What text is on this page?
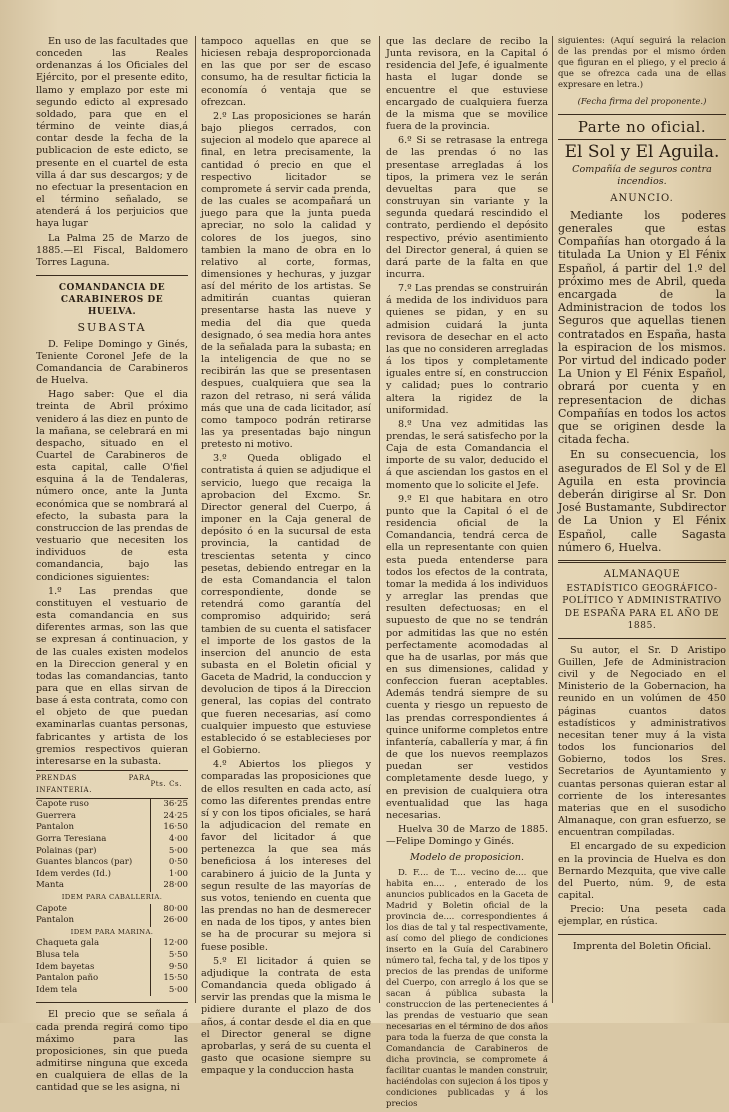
En uso de las facultades que conceden las Reales ordenanzas á los Oficiales del Ejército, por el presente edito, llamo y emplazo por este mi segundo edicto al expresado soldado, para que en el término de veinte dias,á contar desde la fecha de la publicacion de este edicto, se presente en el cuartel de esta villa á dar sus descargos; y de no efectuar la presentacion en el término señalado, se atenderá á los perjuicios que haya lugar

La Palma 25 de Marzo de 1885.—El Fiscal, Baldomero Torres Laguna.

COMANDANCIA DE CARABINEROS DE HUELVA.

SUBASTA

D. Felipe Domingo y Ginés, Teniente Coronel Jefe de la Comandancia de Carabineros de Huelva.

Hago saber: Que el dia treinta de Abril próximo venidero á las diez en punto de la mañana, se celebrará en mi despacho, situado en el Cuartel de Carabineros de esta capital, calle O'fiel esquina á la de Tendaleras, número once, ante la Junta económica que se nombrará al efecto, la subasta para la construccion de las prendas de vestuario que necesiten los individuos de esta comandancia, bajo las condiciones siguientes:

1.º Las prendas que constituyen el vestuario de esta comandancia en sus diferentes armas, son las que se expresan á continuacion, y de las cuales existen modelos en la Direccion general y en todas las comandancias, tanto para que en ellas sirvan de base á esta contrata, como con el objeto de que puedan examinarlas cuantas personas, fabricantes y artista de los gremios respectivos quieran interesarse en la subasta.

PRENDAS PARA INFANTERIA.	Pts. Cs.
Capote ruso	36·25
Guerrera	24·25
Pantalon	16·50
Gorra Teresiana	4·00
Polainas (par)	5·00
Guantes blancos (par)	0·50
Idem verdes (Id.)	1·00
Manta	28·00
IDEM PARA CABALLERIA.	
Capote	80·00
Pantalon	26·00
IDEM PARA MARINA.	
Chaqueta gala	12·00
Blusa tela	5·50
Idem bayetas	9·50
Pantalon paño	15·50
Idem tela	5·00

El precio que se señala á cada prenda regirá como tipo máximo para las proposiciones, sin que pueda admitirse ninguna que exceda en cualquiera de ellas de la cantidad que se les asigna, ni

tampoco aquellas en que se hiciesen rebaja desproporcionada en las que por ser de escaso consumo, ha de resultar ficticia la economía ó ventaja que se ofrezcan.

2.º Las proposiciones se harán bajo pliegos cerrados, con sujecion al modelo que aparece al final, en letra precisamente, la cantidad ó precio en que el respectivo licitador se compromete á servir cada prenda, de las cuales se acompañará un juego para que la junta pueda apreciar, no solo la calidad y colores de los juegos, sino tambien la mano de obra en lo relativo al corte, formas, dimensiones y hechuras, y juzgar así del mérito de los artistas. Se admitirán cuantas quieran presentarse hasta las nueve y media del dia que queda designado, ó sea media hora antes de la señalada para la subasta; en la inteligencia de que no se recibirán las que se presentasen despues, cualquiera que sea la razon del retraso, ni será válida más que una de cada licitador, así como tampoco podrán retirarse las ya presentadas bajo ningun pretesto ni motivo.

3.º Queda obligado el contratista á quien se adjudique el servicio, luego que recaiga la aprobacion del Excmo. Sr. Director general del Cuerpo, á imponer en la Caja general de depósito ó en la sucursal de esta provincia, la cantidad de trescientas setenta y cinco pesetas, debiendo entregar en la de esta Comandancia el talon correspondiente, donde se retendrá como garantía del compromiso adquirido; será tambien de su cuenta el satisfacer el importe de los gastos de la insercion del anuncio de esta subasta en el Boletin oficial y Gaceta de Madrid, la conduccion y devolucion de tipos á la Direccion general, las copias del contrato que fueren necesarias, así como cualquier impuesto que estuviese establecido ó se establecieses por el Gobierno.

4.º Abiertos los pliegos y comparadas las proposiciones que de ellos resulten en cada acto, así como las diferentes prendas entre sí y con los tipos oficiales, se hará la adjudicacion del remate en favor del licitador á que pertenezca la que sea más beneficiosa á los intereses del carabinero á juicio de la Junta y segun resulte de las mayorías de sus votos, teniendo en cuenta que las prendas no han de desmerecer en nada de los tipos, y antes bien se ha de procurar su mejora si fuese posible.

5.º El licitador á quien se adjudique la contrata de esta Comandancia queda obligado á servir las prendas que la misma le pidiere durante el plazo de dos años, á contar desde el dia en que el Director general se digne aprobarlas, y será de su cuenta el gasto que ocasione siempre su empaque y la conduccion hasta

que las declare de recibo la Junta revisora, en la Capital ó residencia del Jefe, é igualmente hasta el lugar donde se encuentre el que estuviese encargado de cualquiera fuerza de la misma que se movilice fuera de la provincia.

6.º Si se retrasase la entrega de las prendas ó no las presentase arregladas á los tipos, la primera vez le serán devueltas para que se construyan sin variante y la segunda quedará rescindido el contrato, perdiendo el depósito respectivo, prévio asentimiento del Director general, á quien se dará parte de la falta en que incurra.

7.º Las prendas se construirán á medida de los individuos para quienes se pidan, y en su admision cuidará la junta revisora de desechar en el acto las que no consideren arregladas á los tipos y completamente iguales entre sí, en construccion y calidad; pues lo contrario altera la rigidez de la uniformidad.

8.º Una vez admitidas las prendas, le será satisfecho por la Caja de esta Comandancia el importe de su valor, deducido el á que asciendan los gastos en el momento que lo solicite el Jefe.

9.º El que habitara en otro punto que la Capital ó el de residencia oficial de la Comandancia, tendrá cerca de ella un representante con quien esta pueda entenderse para todos los efectos de la contrata, tomar la medida á los individuos y arreglar las prendas que resulten defectuosas; en el supuesto de que no se tendrán por admitidas las que no estén perfectamente acomodadas al que ha de usarlas, por más que en sus dimensiones, calidad y confeccion fueran aceptables. Además tendrá siempre de su cuenta y riesgo un repuesto de las prendas correspondientes á quince uniforme completos entre infantería, caballería y mar, á fin de que los nuevos reemplazos puedan ser vestidos completamente desde luego, y en prevision de cualquiera otra eventualidad que las haga necesarias.

Huelva 30 de Marzo de 1885.—Felipe Domingo y Ginés.

Modelo de proposicion.

D. F.... de T.... vecino de.... que habita en.... , enterado de los anuncios publicados en la Gaceta de Madrid y Boletin oficial de la provincia de.... correspondientes á los dias de tal y tal respectivamente, así como del pliego de condiciones inserto en la Guía del Carabinero número tal, fecha tal, y de los tipos y precios de las prendas de uniforme del Cuerpo, con arreglo á los que se sacan á pública subasta la construccion de las pertenecientes á las prendas de vestuario que sean necesarias en el término de dos años para toda la fuerza de que consta la Comandancia de Carabineros de dicha provincia, se compromete á facilitar cuantas le manden construir, haciéndolas con sujecion á los tipos y condiciones publicadas y á los precios

siguientes: (Aquí seguirá la relacion de las prendas por el mismo órden que figuran en el pliego, y el precio á que se ofrezca cada una de ellas expresare en letra.)

(Fecha firma del proponente.)

Parte no oficial.

El Sol y El Aguila.

Compañía de seguros contra incendios.

ANUNCIO.

Mediante los poderes generales que estas Compañías han otorgado á la titulada La Union y El Fénix Español, á partir del 1.º del próximo mes de Abril, queda encargada de la Administracion de todos los Seguros que aquellas tienen contratados en España, hasta la espiracion de los mismos. Por virtud del indicado poder La Union y El Fénix Español, obrará por cuenta y en representacion de dichas Compañías en todos los actos que se originen desde la citada fecha.

En su consecuencia, los asegurados de El Sol y de El Aguila en esta provincia deberán dirigirse al Sr. Don José Bustamante, Subdirector de La Union y El Fénix Español, calle Sagasta número 6, Huelva.

ALMANAQUE

ESTADÍSTICO GEOGRÁFICO-POLÍTICO Y ADMINISTRATIVO DE ESPAÑA PARA EL AÑO DE 1885.

Su autor, el Sr. D Aristipo Guillen, Jefe de Administracion civil y de Negociado en el Ministerio de la Gobernacion, ha reunido en un volúmen de 450 páginas cuantos datos estadísticos y administrativos necesitan tener muy á la vista todos los funcionarios del Gobierno, todos los Sres. Secretarios de Ayuntamiento y cuantas personas quieran estar al corriente de los interesantes materias que en el susodicho Almanaque, con gran esfuerzo, se encuentran compiladas.

El encargado de su expedicion en la provincia de Huelva es don Bernardo Mezquita, que vive calle del Puerto, núm. 9, de esta capital.

Precio: Una peseta cada ejemplar, en rústica.

Imprenta del Boletin Oficial.
